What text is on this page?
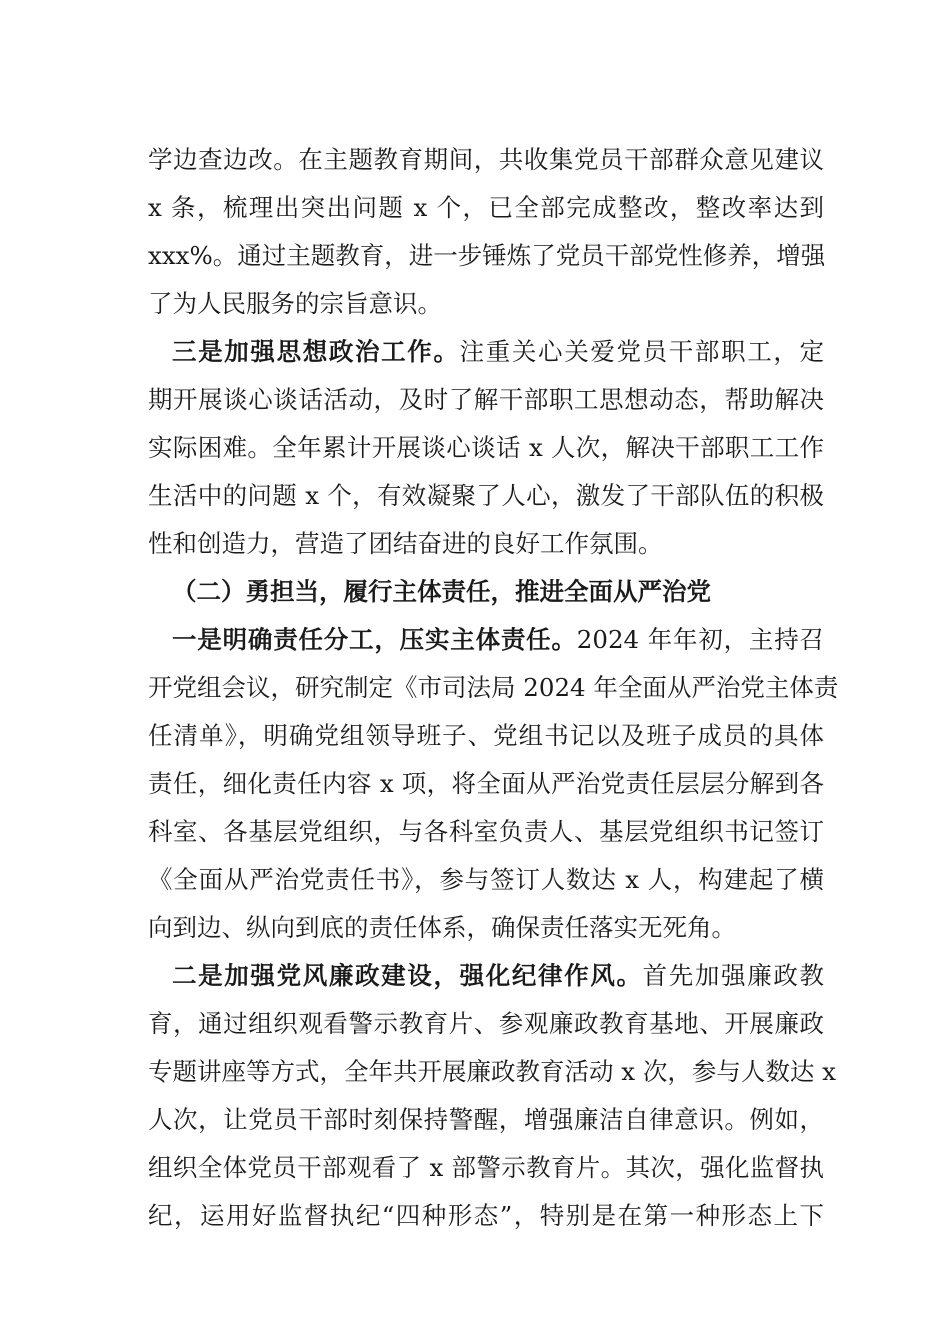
学边查边改。在主题教育期间，共收集党员干部群众意见建议
x 条，梳理出突出问题 x 个，已全部完成整改，整改率达到
xxx%。通过主题教育，进一步锤炼了党员干部党性修养，增强
了为人民服务的宗旨意识。
三是加强思想政治工作。注重关心关爱党员干部职工，定
期开展谈心谈话活动，及时了解干部职工思想动态，帮助解决
实际困难。全年累计开展谈心谈话 x 人次，解决干部职工工作
生活中的问题 x 个，有效凝聚了人心，激发了干部队伍的积极
性和创造力，营造了团结奋进的良好工作氛围。
（二）勇担当，履行主体责任，推进全面从严治党
一是明确责任分工，压实主体责任。2024 年年初，主持召
开党组会议，研究制定《市司法局 2024 年全面从严治党主体责
任清单》，明确党组领导班子、党组书记以及班子成员的具体
责任，细化责任内容 x 项，将全面从严治党责任层层分解到各
科室、各基层党组织，与各科室负责人、基层党组织书记签订
《全面从严治党责任书》，参与签订人数达 x 人，构建起了横
向到边、纵向到底的责任体系，确保责任落实无死角。
二是加强党风廉政建设，强化纪律作风。首先加强廉政教
育，通过组织观看警示教育片、参观廉政教育基地、开展廉政
专题讲座等方式，全年共开展廉政教育活动 x 次，参与人数达 x
人次，让党员干部时刻保持警醒，增强廉洁自律意识。例如，
组织全体党员干部观看了 x 部警示教育片。其次，强化监督执
纪，运用好监督执纪“四种形态”，特别是在第一种形态上下
